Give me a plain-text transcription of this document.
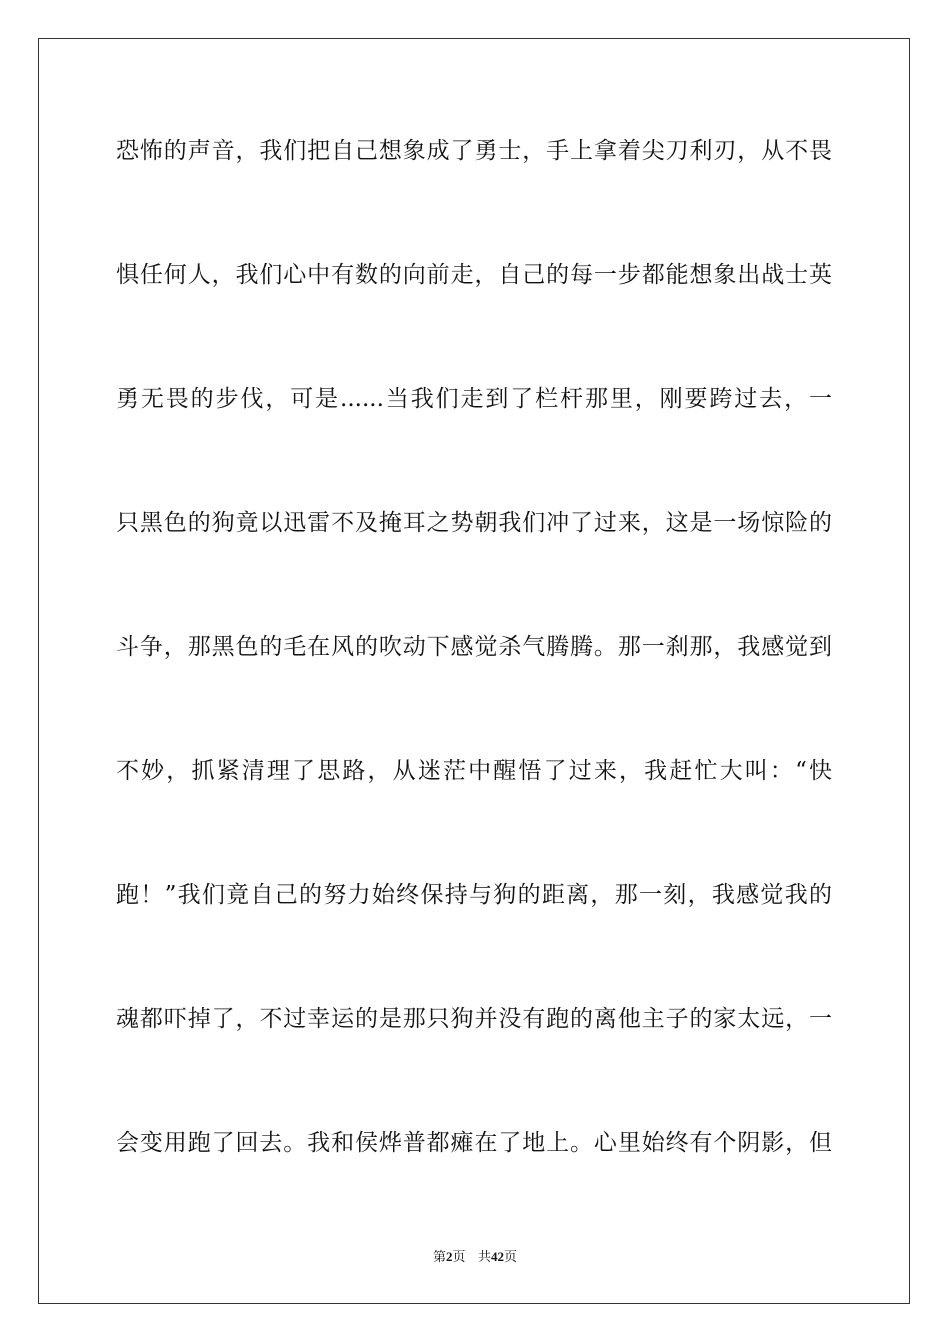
恐怖的声音，我们把自己想象成了勇士，手上拿着尖刀利刃，从不畏
惧任何人，我们心中有数的向前走，自己的每一步都能想象出战士英
勇无畏的步伐，可是......当我们走到了栏杆那里，刚要跨过去，一
只黑色的狗竟以迅雷不及掩耳之势朝我们冲了过来，这是一场惊险的
斗争，那黑色的毛在风的吹动下感觉杀气腾腾。那一刹那，我感觉到
不妙，抓紧清理了思路，从迷茫中醒悟了过来，我赶忙大叫：“快
跑！”我们竟自己的努力始终保持与狗的距离，那一刻，我感觉我的
魂都吓掉了，不过幸运的是那只狗并没有跑的离他主子的家太远，一
会变用跑了回去。我和侯烨普都瘫在了地上。心里始终有个阴影，但
第2页 共42页
